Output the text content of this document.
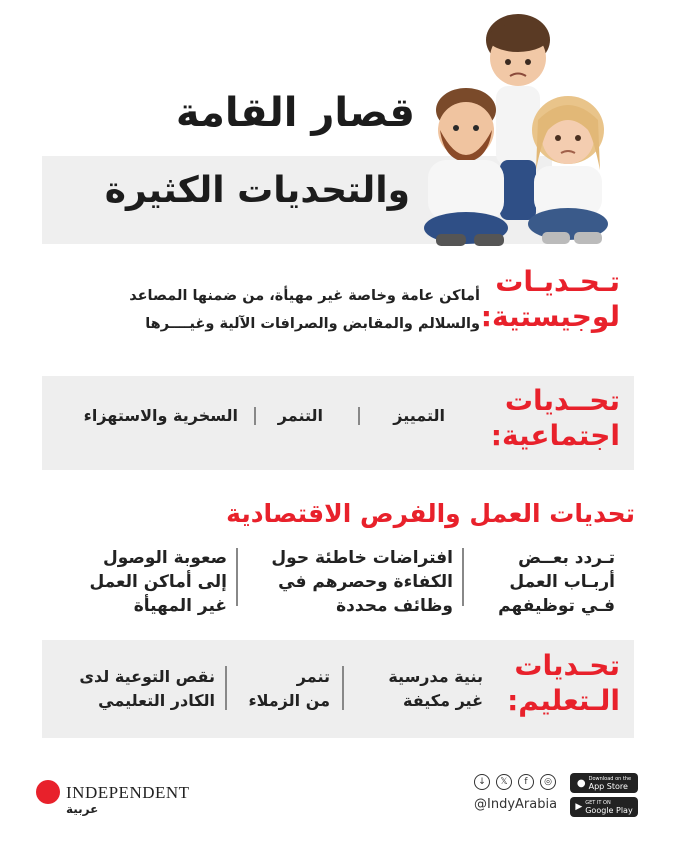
قصار القامة
والتحديات الكثيرة
تـحـديـات
لوجيستية:
أماكن عامة وخاصة غير مهيأة، من ضمنها المصاعد
والسلالم والمقابض والصرافات الآلية وغيــــرها
تحــديات
اجتماعية:
التمييز
التنمر
السخرية والاستهزاء
تحديات العمل والفرص الاقتصادية
تـردد بعــض
أربـاب العمل
فـي توظيفهم
افتراضات خاطئة حول
الكفاءة وحصرهم في
وظائف محددة
صعوبة الوصول
إلى أماكن العمل
غير المهيأة
تحـديات
الـتعليم:
بنية مدرسية
غير مكيفة
تنمر
من الزملاء
نقص التوعية لدى
الكادر التعليمي
INDEPENDENT
عربية
↓	𝕏	f	◎
@IndyArabia
● Download on the
App Store
▶ GET IT ON
Google Play
